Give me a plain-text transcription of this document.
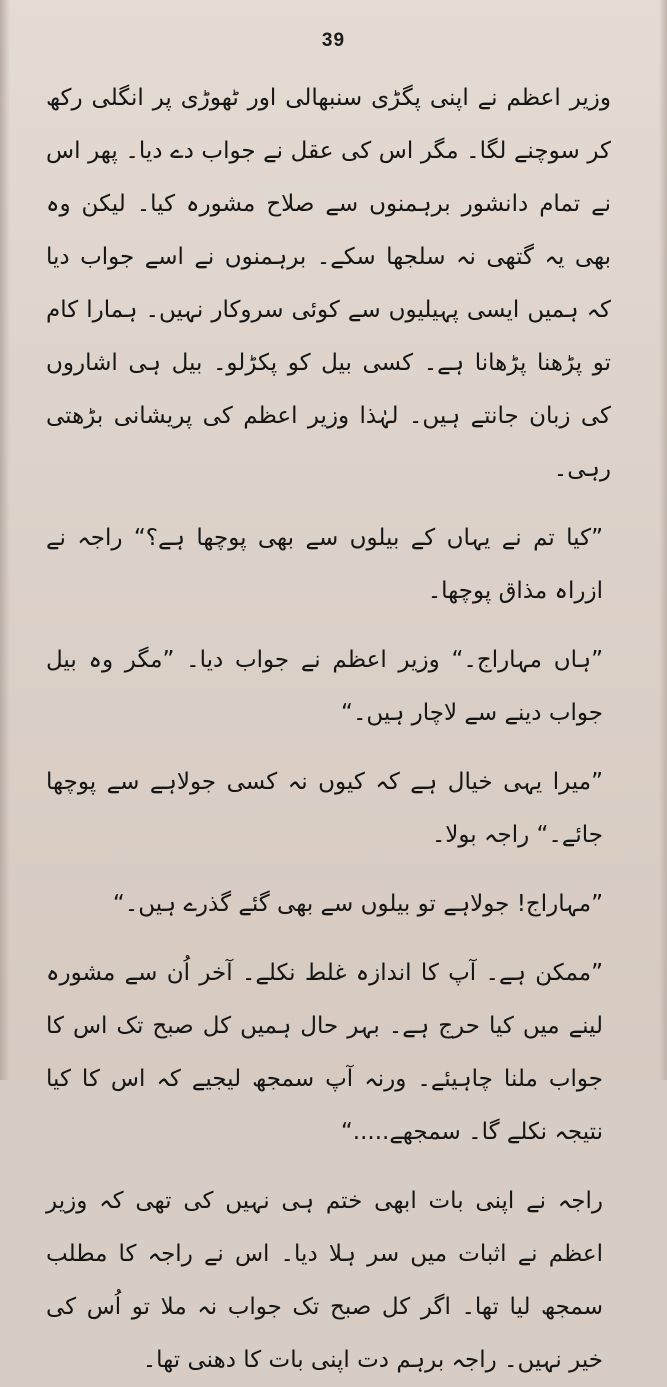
39

وزیر اعظم نے اپنی پگڑی سنبھالی اور ٹھوڑی پر انگلی رکھ کر سوچنے لگا۔ مگر اس کی عقل نے جواب دے دیا۔ پھر اس نے تمام دانشور برہمنوں سے صلاح مشورہ کیا۔ لیکن وہ بھی یہ گتھی نہ سلجھا سکے۔ برہمنوں نے اسے جواب دیا کہ ہمیں ایسی پہیلیوں سے کوئی سروکار نہیں۔ ہمارا کام تو پڑھنا پڑھانا ہے۔ کسی بیل کو پکڑلو۔ بیل ہی اشاروں کی زبان جانتے ہیں۔ لہٰذا وزیر اعظم کی پریشانی بڑھتی رہی۔

”کیا تم نے یہاں کے بیلوں سے بھی پوچھا ہے؟“ راجہ نے ازراہ مذاق پوچھا۔

”ہاں مہاراج۔“ وزیر اعظم نے جواب دیا۔ ”مگر وہ بیل جواب دینے سے لاچار ہیں۔“

”میرا یہی خیال ہے کہ کیوں نہ کسی جولاہے سے پوچھا جائے۔“ راجہ بولا۔

”مہاراج! جولاہے تو بیلوں سے بھی گئے گذرے ہیں۔“

”ممکن ہے۔ آپ کا اندازہ غلط نکلے۔ آخر اُن سے مشورہ لینے میں کیا حرج ہے۔ بہر حال ہمیں کل صبح تک اس کا جواب ملنا چاہیئے۔ ورنہ آپ سمجھ لیجیے کہ اس کا کیا نتیجہ نکلے گا۔ سمجھے.....“

راجہ نے اپنی بات ابھی ختم ہی نہیں کی تھی کہ وزیر اعظم نے اثبات میں سر ہلا دیا۔ اس نے راجہ کا مطلب سمجھ لیا تھا۔ اگر کل صبح تک جواب نہ ملا تو اُس کی خیر نہیں۔ راجہ برہم دت اپنی بات کا دھنی تھا۔
